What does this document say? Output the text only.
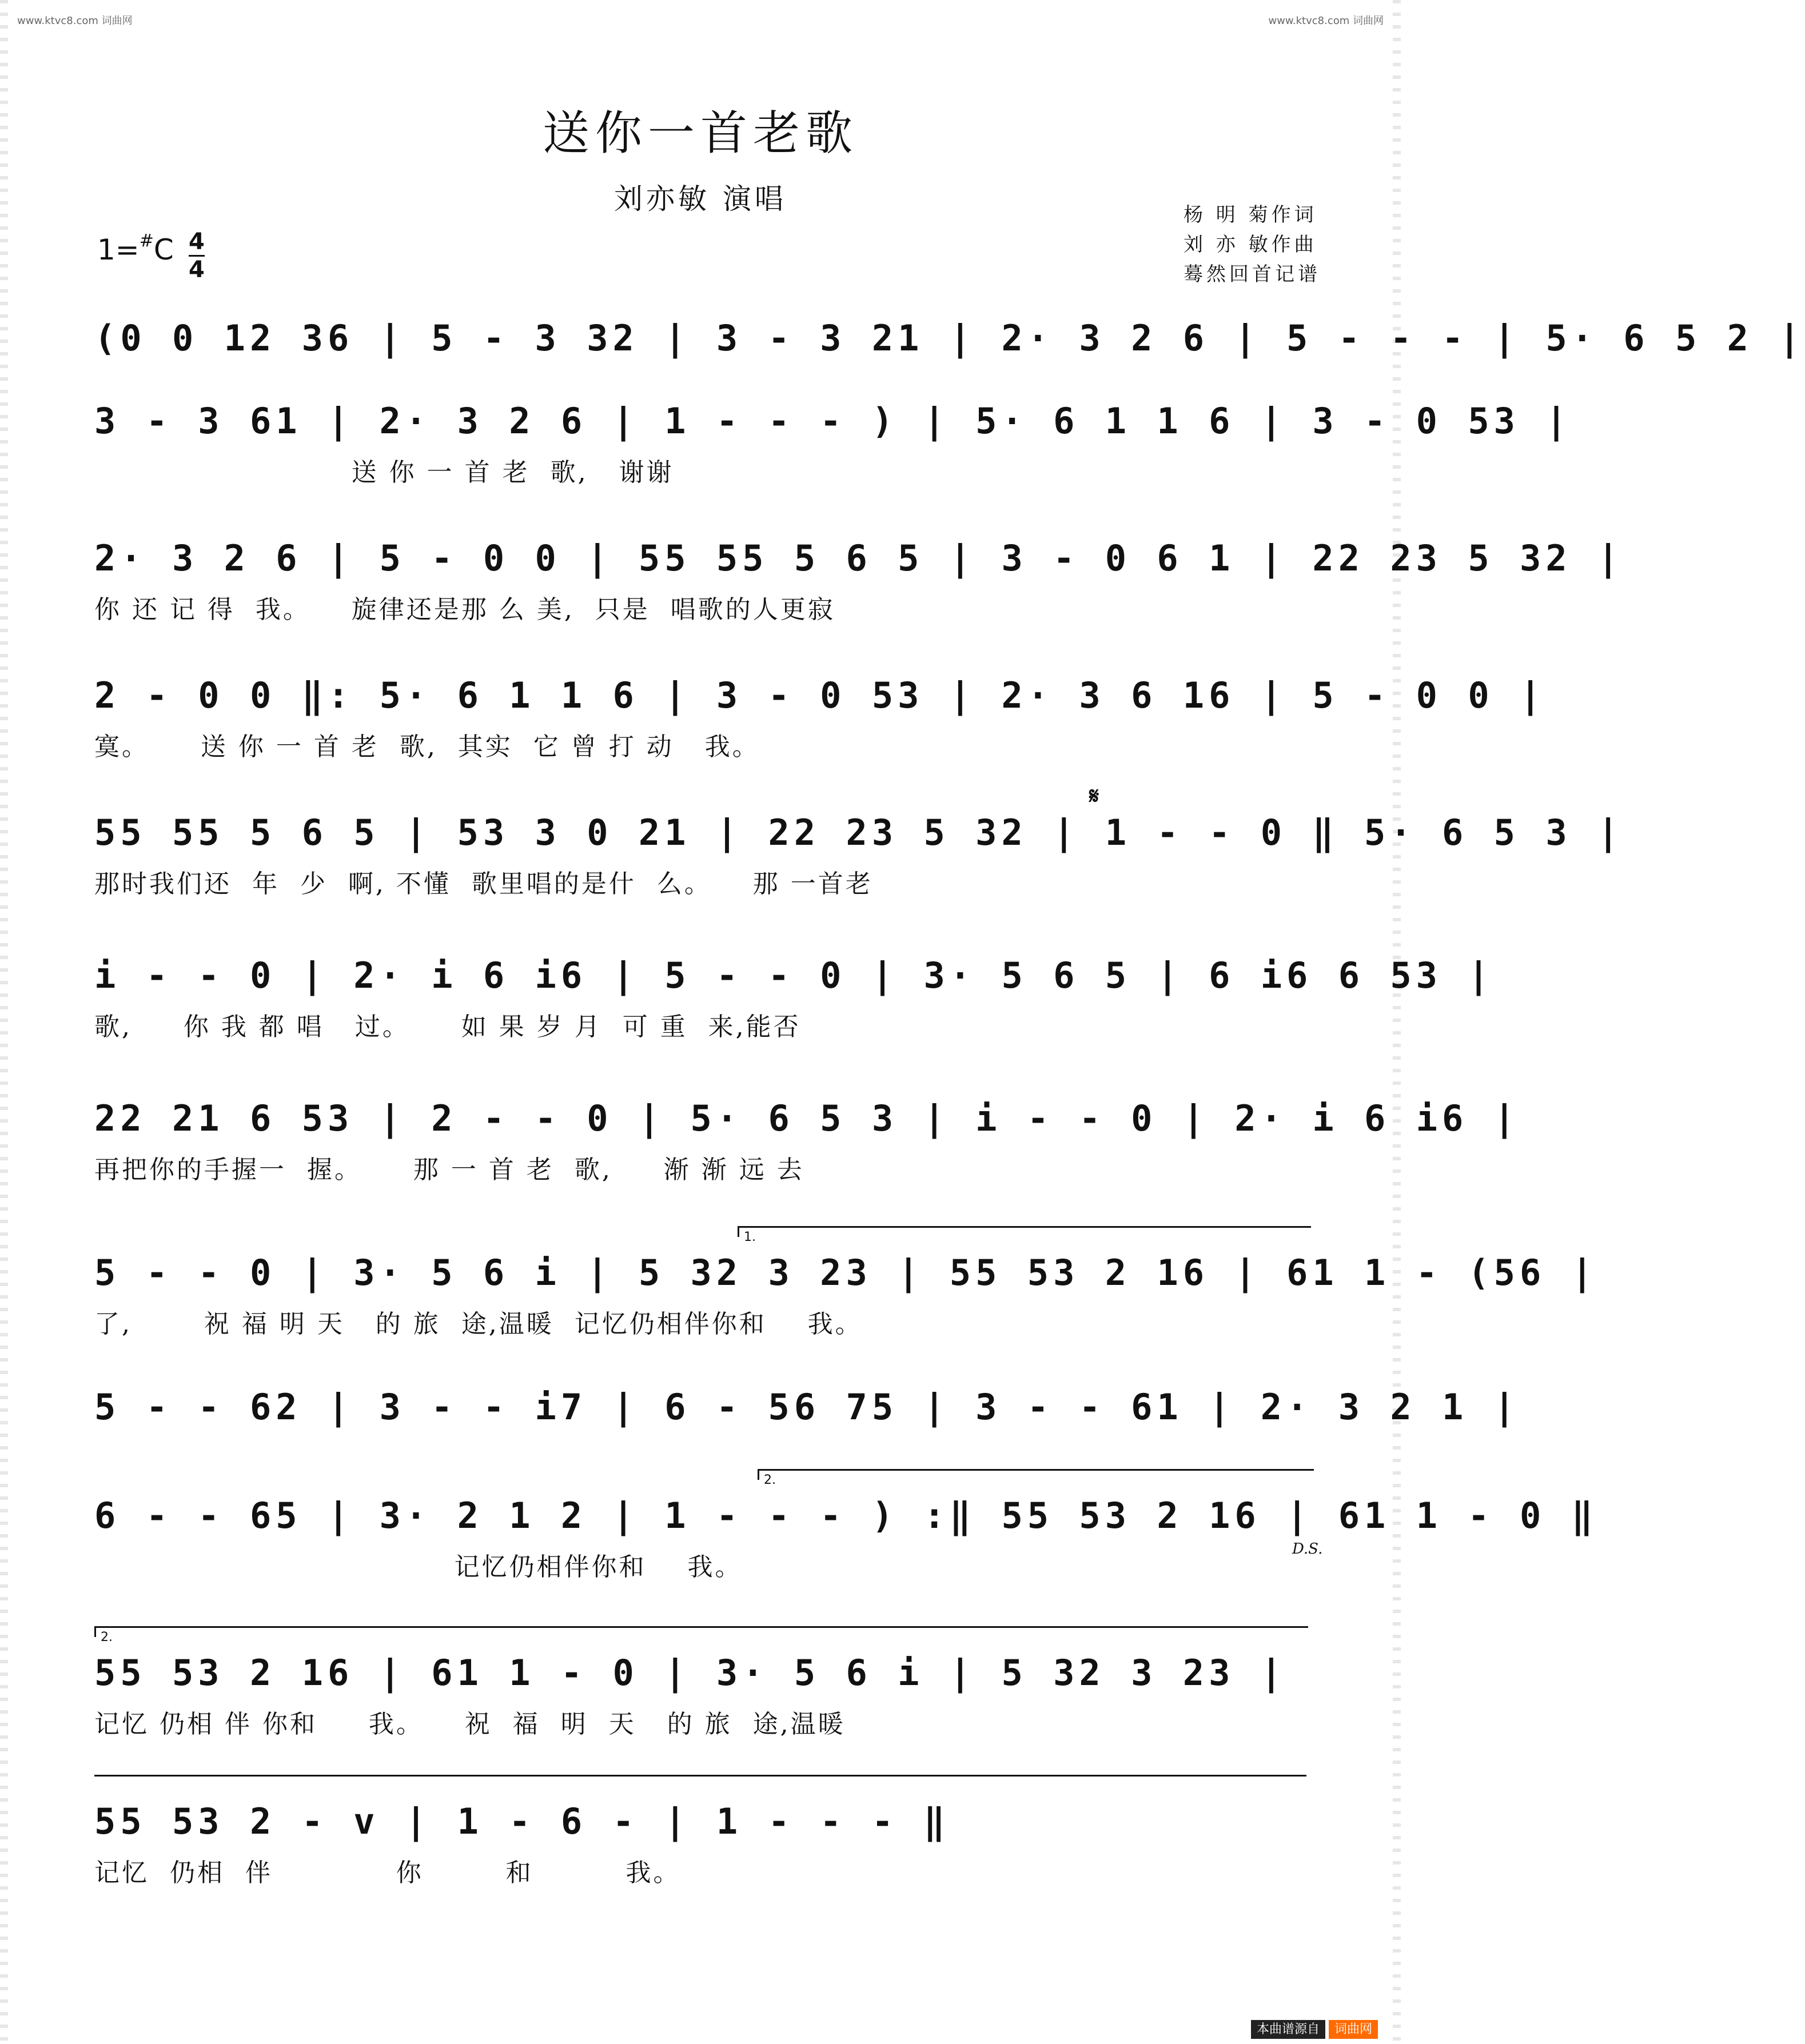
www.ktvc8.com 词曲网	www.ktvc8.com 词曲网
送你一首老歌
刘亦敏 演唱	杨 明 菊作词
刘 亦 敏作曲
蓦然回首记谱
1=#C 4
4
(0 0 12 36 | 5 - 3 32 | 3 - 3 21 | 2· 3 2 6 | 5 - - - | 5· 6 5 2 |
3 - 3 61 | 2· 3 2 6 | 1 - - - ) | 5· 6 1 1 6 | 3 - 0 53 |
送 你 一 首 老  歌,   谢谢
2· 3 2 6 | 5 - 0 0 | 55 55 5 6 5 | 3 - 0 6 1 | 22 23 5 32 |
你 还 记 得  我。    旋律还是那 么 美,  只是  唱歌的人更寂
2 - 0 0 ‖: 5· 6 1 1 6 | 3 - 0 53 | 2· 3 6 16 | 5 - 0 0 |
寞。     送 你 一 首 老  歌,  其实  它 曾 打 动   我。
𝄋
55 55 5 6 5 | 53 3 0 21 | 22 23 5 32 | 1 - - 0 ‖ 5· 6 5 3 |
那时我们还  年  少  啊, 不懂  歌里唱的是什  么。    那 一首老
i - - 0 | 2· i 6 i6 | 5 - - 0 | 3· 5 6 5 | 6 i6 6 53 |
歌,     你 我 都 唱   过。     如 果 岁 月  可 重  来,能否
22 21 6 53 | 2 - - 0 | 5· 6 5 3 | i - - 0 | 2· i 6 i6 |
再把你的手握一  握。     那 一 首 老  歌,     渐 渐 远 去
1.
5 - - 0 | 3· 5 6 i | 5 32 3 23 | 55 53 2 16 | 61 1 - (56 |
了,       祝 福 明 天   的 旅  途,温暖  记忆仍相伴你和    我。
5 - - 62 | 3 - - i7 | 6 - 56 75 | 3 - - 61 | 2· 3 2 1 |
2.
6 - - 65 | 3· 2 1 2 | 1 - - - ) :‖ 55 53 2 16 | 61 1 - 0 ‖
记忆仍相伴你和    我。
D.S.
2.
55 53 2 16 | 61 1 - 0 | 3· 5 6 i | 5 32 3 23 |
记忆 仍相 伴 你和     我。    祝  福  明  天   的 旅  途,温暖
55 53 2 - v | 1 - 6 - | 1 - - - ‖
记忆  仍相  伴            你        和         我。
本曲谱源自 词曲网
